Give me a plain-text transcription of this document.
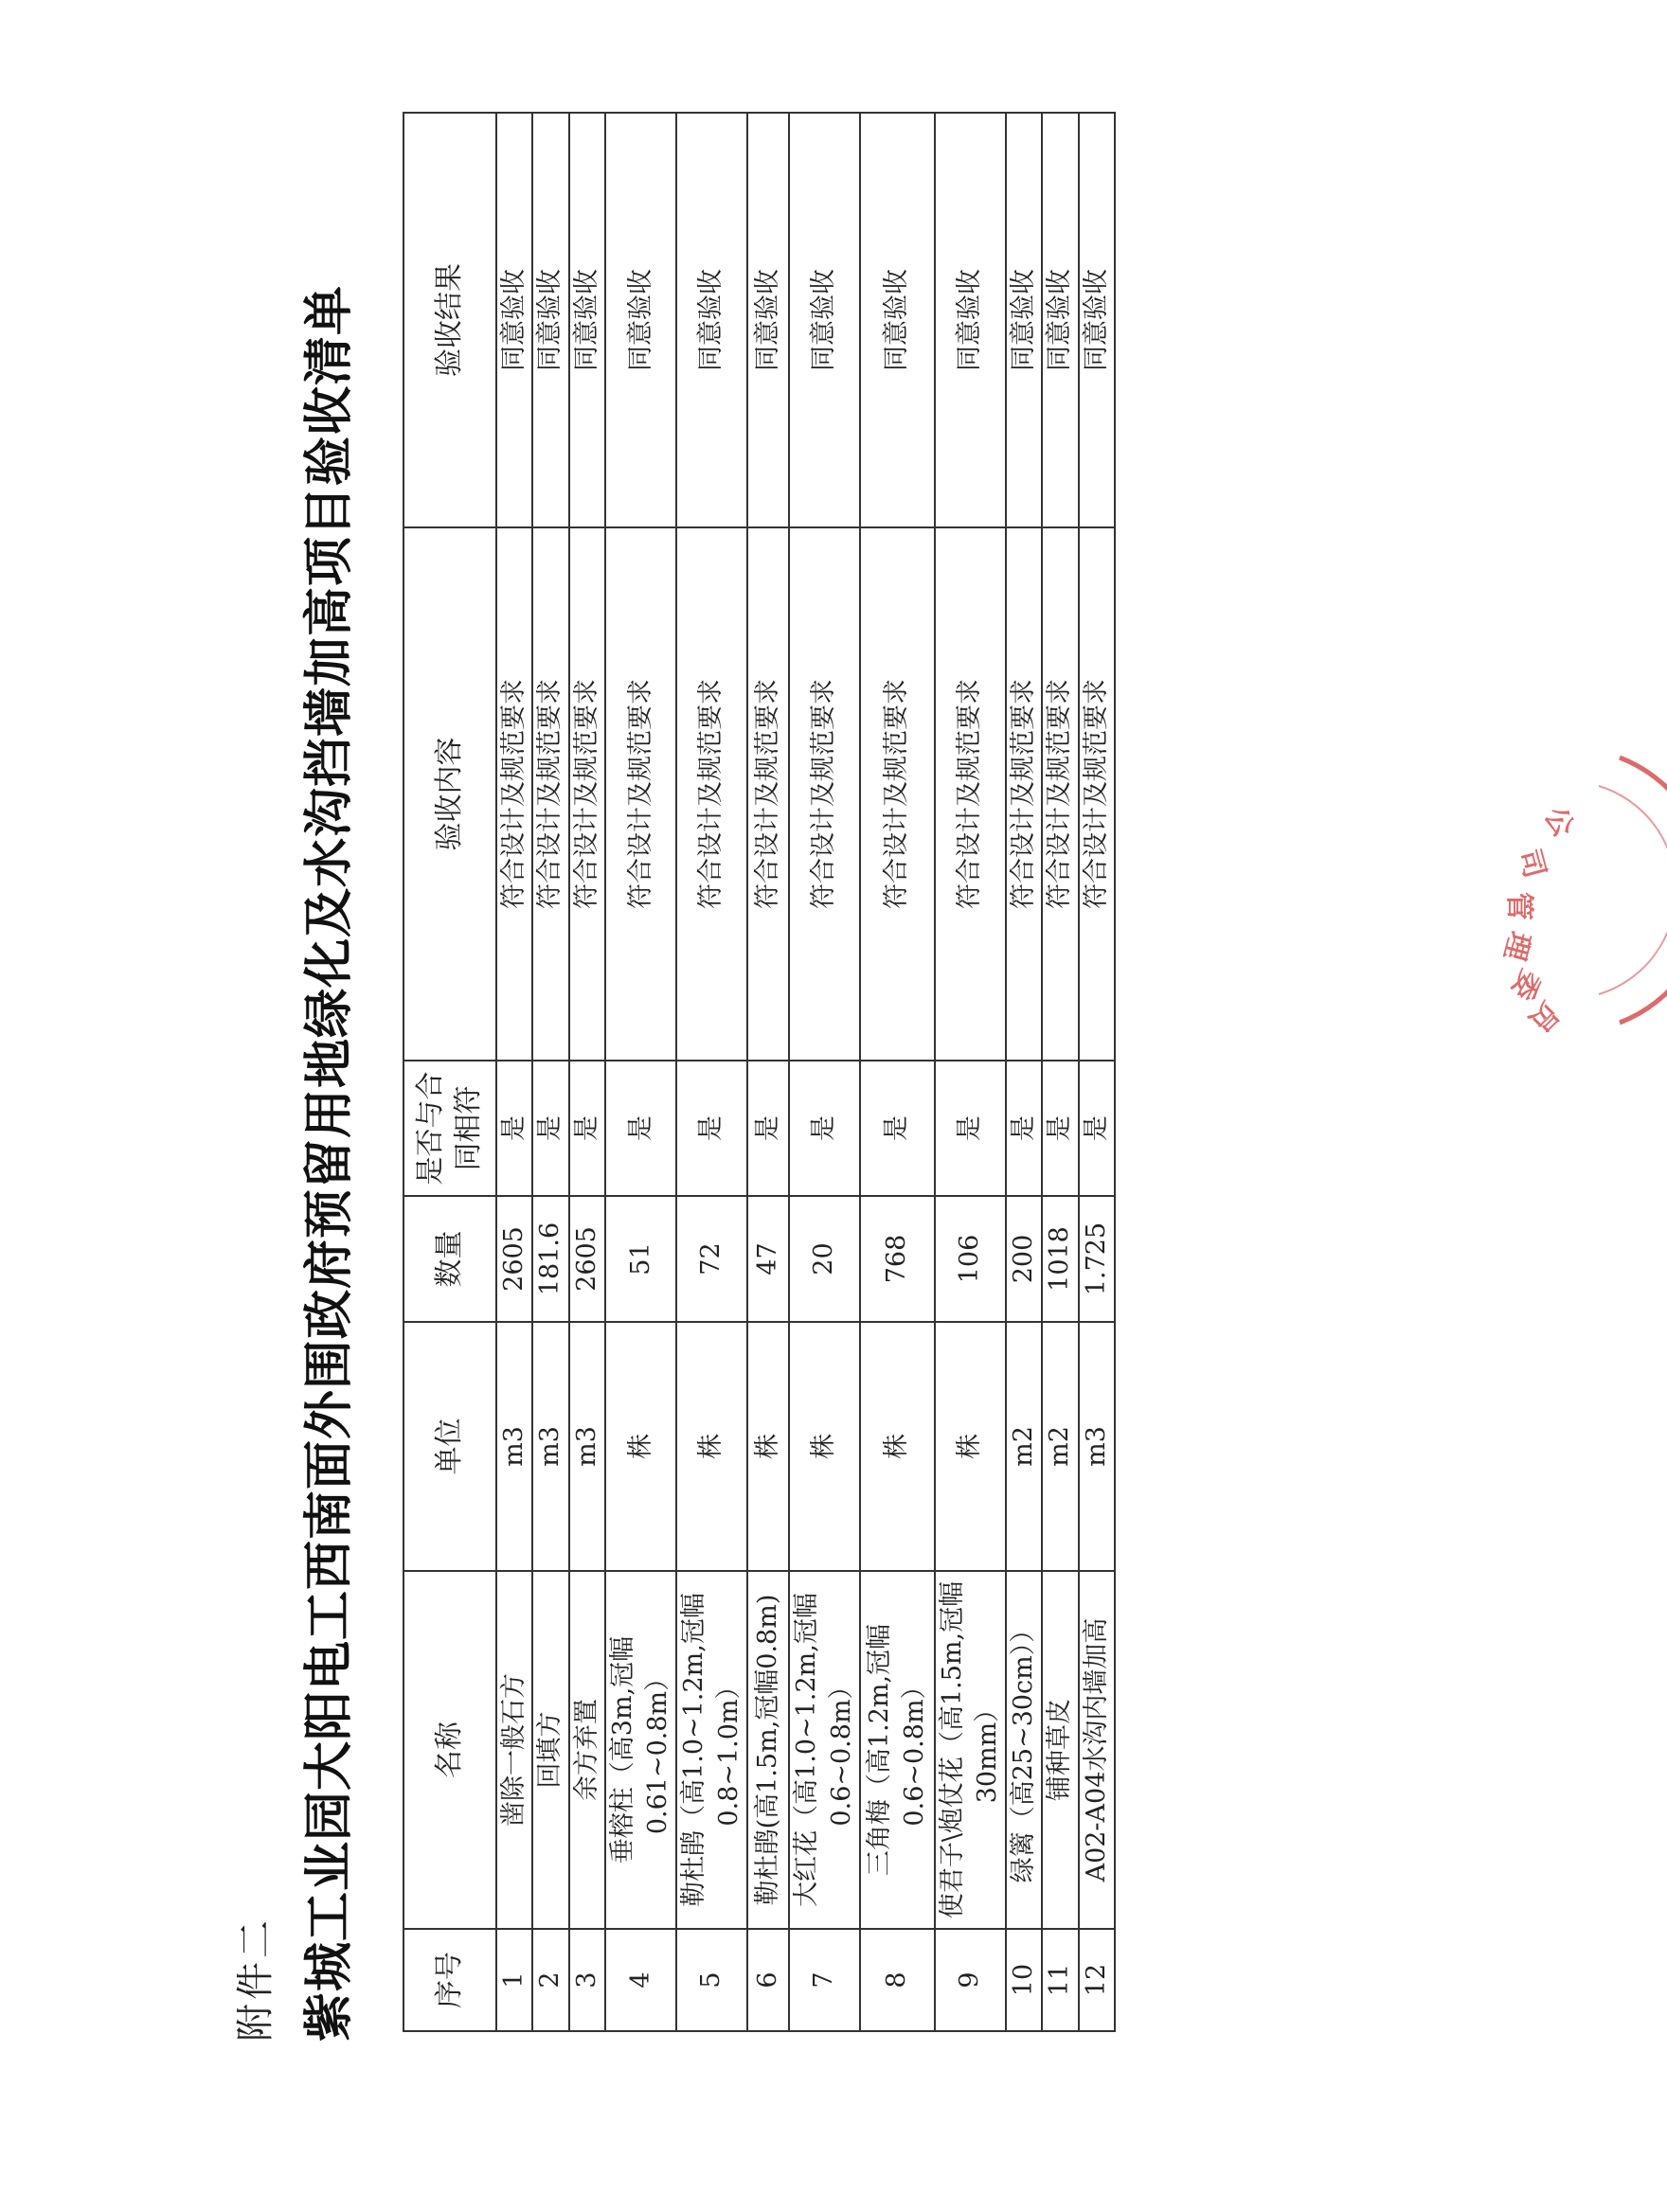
附件二 紫城工业园大阳电工西南面外围政府预留用地绿化及水沟挡墙加高项目验收清单	序号	名称	单位	数量	是否与合同相符	验收内容	验收结果
1	凿除一般石方	m3	2605	是	符合设计及规范要求	同意验收
2	回填方	m3	181.6	是	符合设计及规范要求	同意验收
3	余方弃置	m3	2605	是	符合设计及规范要求	同意验收
4	垂榕柱（高3m,冠幅0.61~0.8m）	株	51	是	符合设计及规范要求	同意验收
5	勒杜鹃（高1.0~1.2m,冠幅0.8~1.0m）	株	72	是	符合设计及规范要求	同意验收
6	勒杜鹃(高1.5m,冠幅0.8m)	株	47	是	符合设计及规范要求	同意验收
7	大红花（高1.0~1.2m,冠幅0.6~0.8m）	株	20	是	符合设计及规范要求	同意验收
8	三角梅（高1.2m,冠幅0.6~0.8m）	株	768	是	符合设计及规范要求	同意验收
9	使君子\炮仗花（高1.5m,冠幅30mm）	株	106	是	符合设计及规范要求	同意验收
10	绿篱（高25~30cm））	m2	200	是	符合设计及规范要求	同意验收
11	铺种草皮	m2	1018	是	符合设计及规范要求	同意验收
12	A02-A04水沟内墙加高	m3	1.725	是	符合设计及规范要求	同意验收
公
司
管
理
委
员
